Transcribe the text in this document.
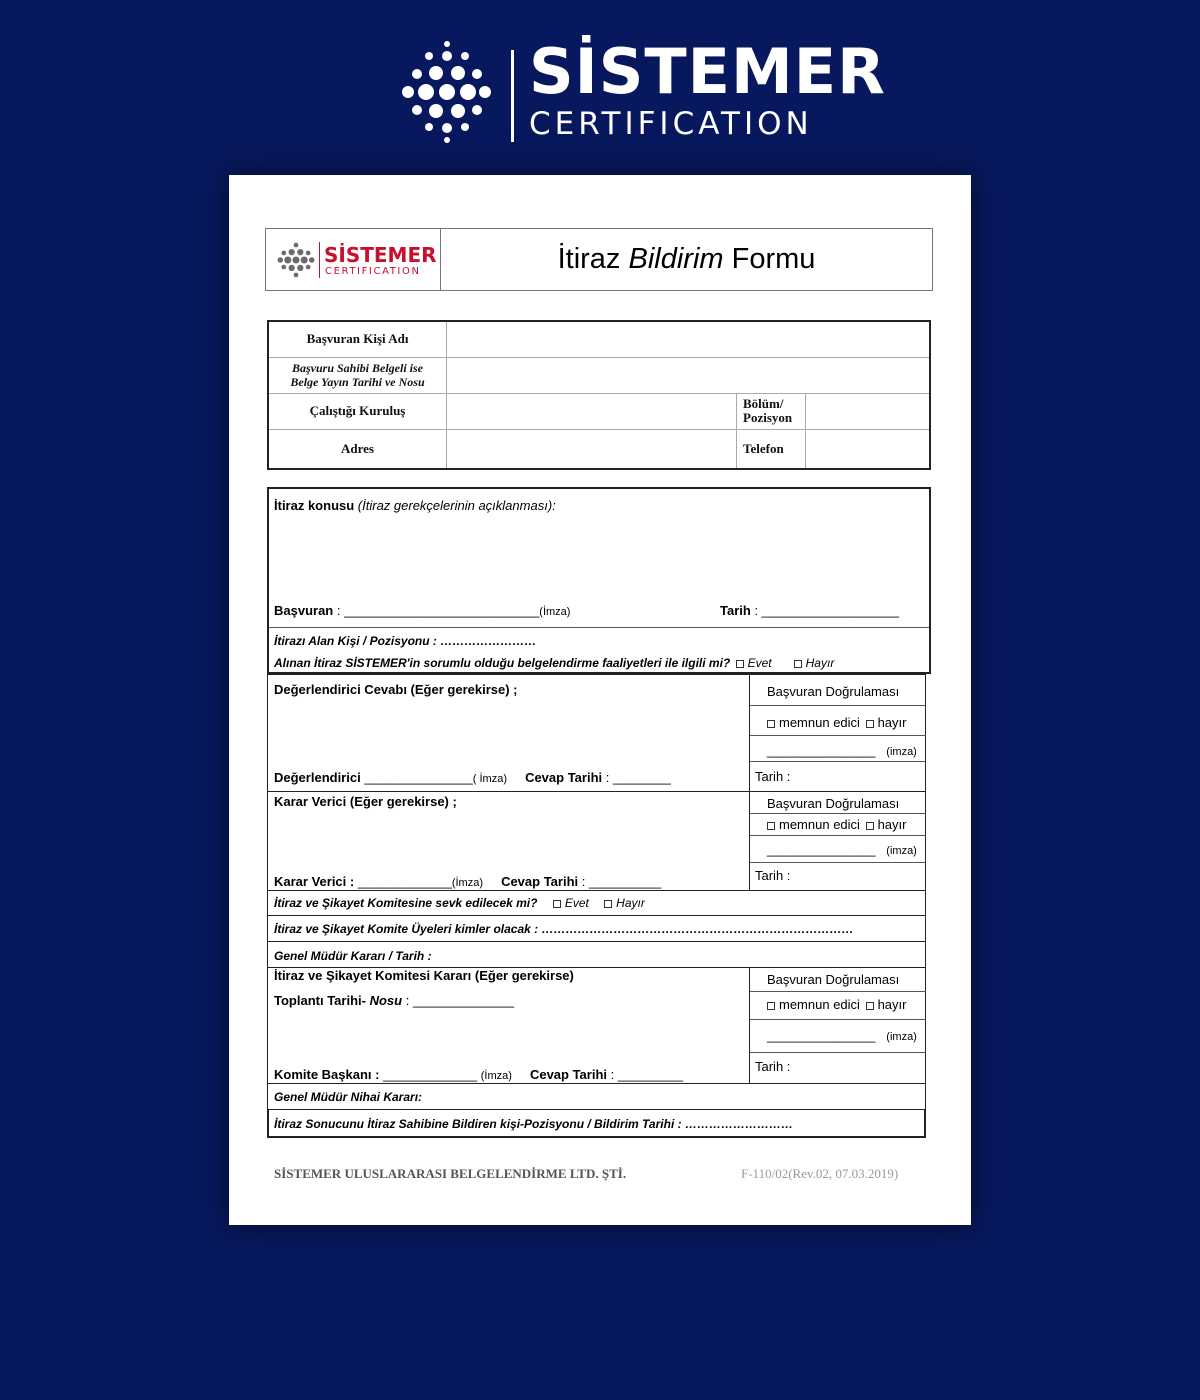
SİSTEMER
CERTIFICATION
SİSTEMER
CERTIFICATION	İtiraz Bildirim Formu
Başvuran Kişi Adı			
Başvuru Sahibi Belgeli ise
Belge Yayın Tarihi ve Nosu			
Çalıştığı Kuruluş		Bölüm/
Pozisyon	
Adres		Telefon	
İtiraz konusu (İtiraz gerekçelerinin açıklanması):
Başvuran : ___________________________(İmza)	Tarih : ___________________
İtirazı Alan Kişi / Pozisyonu : ……………………
Alınan İtiraz SİSTEMER'in sorumlu olduğu belgelendirme faaliyetleri ile ilgili mi? Evet	Hayır
Değerlendirici Cevabı (Eğer gerekirse) ;
Değerlendirici _______________( İmza) Cevap Tarihi : ________
Başvuran Doğrulaması
memnun edici hayır
_______________ (imza)
Tarih :
Karar Verici (Eğer gerekirse) ;
Karar Verici : _____________(İmza) Cevap Tarihi : __________
Başvuran Doğrulaması
memnun edici hayır
_______________ (imza)
Tarih :
İtiraz ve Şikayet Komitesine sevk edilecek mi? Evet Hayır
İtiraz ve Şikayet Komite Üyeleri kimler olacak : ……………………………………………………………………
Genel Müdür Kararı / Tarih :
İtiraz ve Şikayet Komitesi Kararı (Eğer gerekirse)
Toplantı Tarihi- Nosu : ______________
Komite Başkanı : _____________ (İmza) Cevap Tarihi : _________
Başvuran Doğrulaması
memnun edici hayır
_______________ (imza)
Tarih :
Genel Müdür Nihai Kararı:
İtiraz Sonucunu İtiraz Sahibine Bildiren kişi-Pozisyonu / Bildirim Tarihi : ………………………
SİSTEMER ULUSLARARASI BELGELENDİRME LTD. ŞTİ.	F-110/02(Rev.02, 07.03.2019)
